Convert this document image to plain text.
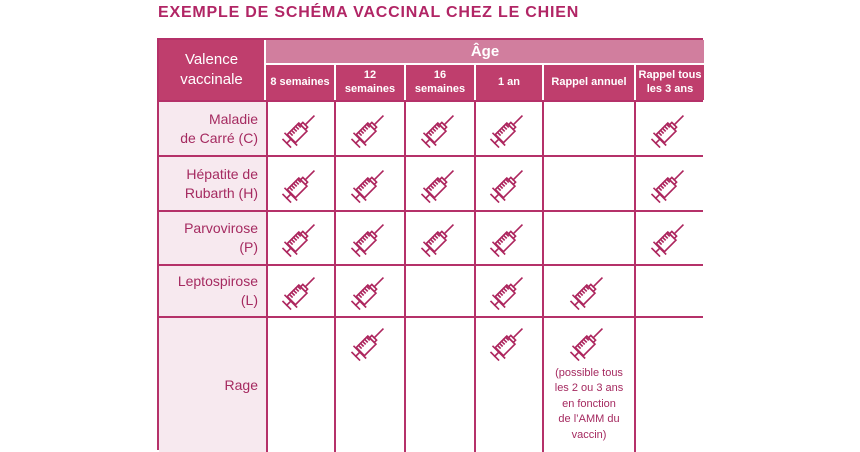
EXEMPLE DE SCHÉMA VACCINAL CHEZ LE CHIEN
Valence
vaccinale
Âge
8 semaines
12 semaines
16 semaines
1 an	Rappel annuel
Rappel tous
les 3 ans
Maladie
de Carré (C)
Hépatite de
Rubarth (H)
Parvovirose
(P)
Leptospirose
(L)
Rage
(possible tous
les 2 ou 3 ans
en fonction
de l’AMM du
vaccin)
